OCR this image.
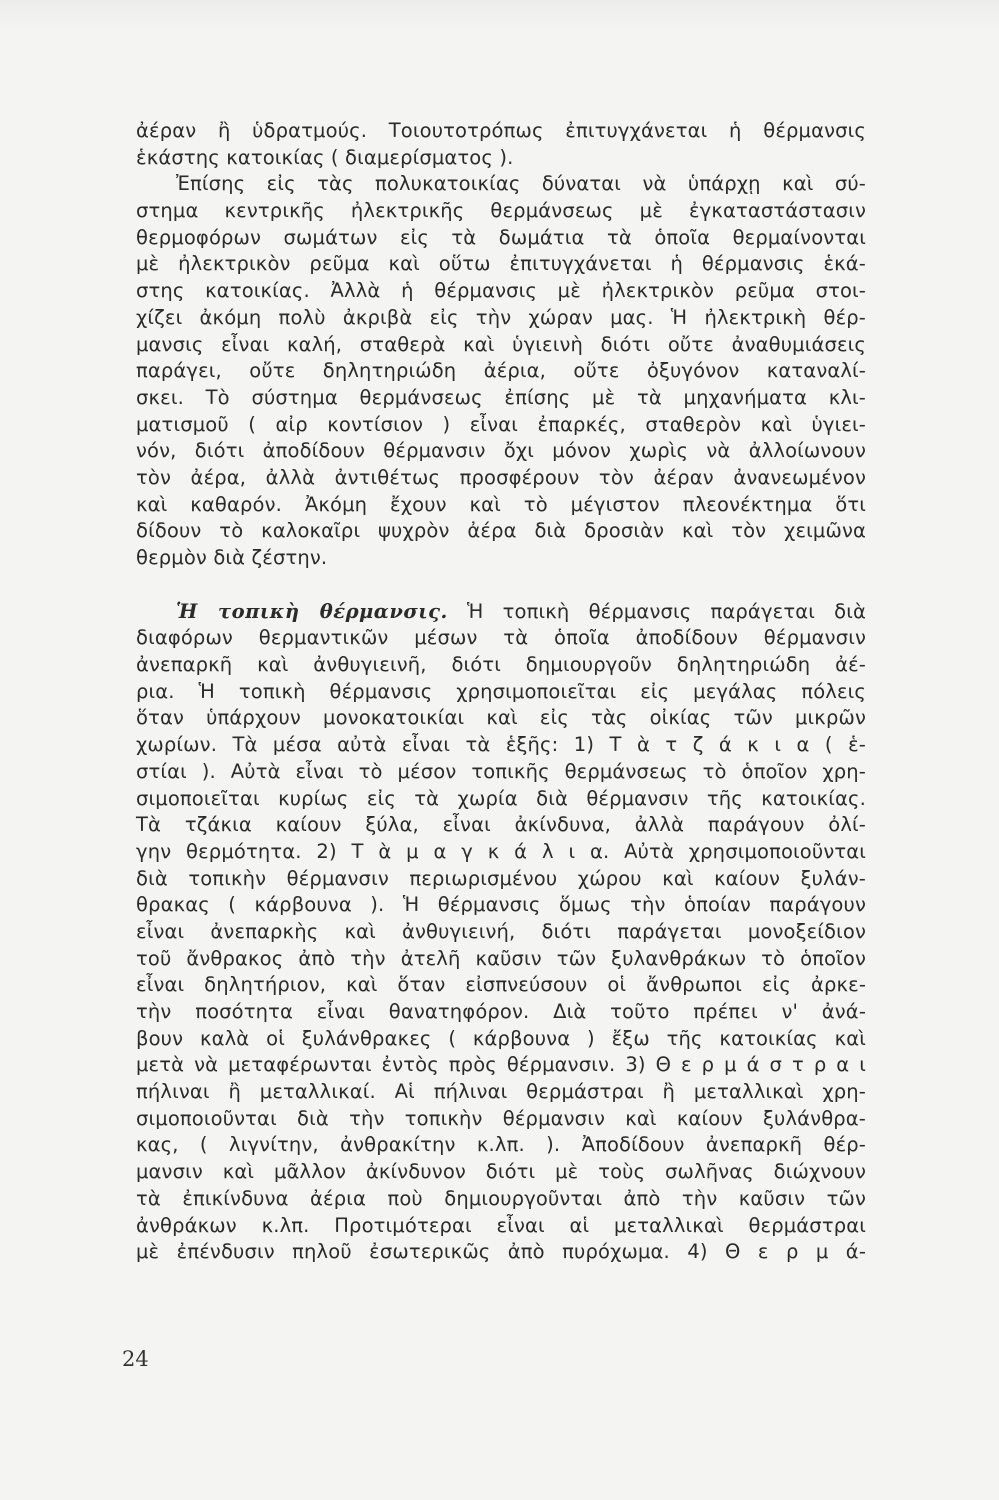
ἀέραν ἢ ὑδρατμούς. Τοιουτοτρόπως ἐπιτυγχάνεται ἡ θέρμανσις
ἑκάστης κατοικίας ( διαμερίσματος ).
Ἐπίσης εἰς τὰς πολυκατοικίας δύναται νὰ ὑπάρχῃ καὶ σύ-
στημα κεντρικῆς ἠλεκτρικῆς θερμάνσεως μὲ ἐγκαταστάστασιν
θερμοφόρων σωμάτων εἰς τὰ δωμάτια τὰ ὁποῖα θερμαίνονται
μὲ ἠλεκτρικὸν ρεῦμα καὶ οὕτω ἐπιτυγχάνεται ἡ θέρμανσις ἑκά-
στης κατοικίας. Ἀλλὰ ἡ θέρμανσις μὲ ἠλεκτρικὸν ρεῦμα στοι-
χίζει ἀκόμη πολὺ ἀκριβὰ εἰς τὴν χώραν μας. Ἡ ἠλεκτρικὴ θέρ-
μανσις εἶναι καλή, σταθερὰ καὶ ὑγιεινὴ διότι οὔτε ἀναθυμιάσεις
παράγει, οὔτε δηλητηριώδη ἀέρια, οὔτε ὀξυγόνον καταναλί-
σκει. Τὸ σύστημα θερμάνσεως ἐπίσης μὲ τὰ μηχανήματα κλι-
ματισμοῦ ( αἰρ κοντίσιον ) εἶναι ἐπαρκές, σταθερὸν καὶ ὑγιει-
νόν, διότι ἀποδίδουν θέρμανσιν ὄχι μόνον χωρὶς νὰ ἀλλοίωνουν
τὸν ἀέρα, ἀλλὰ ἀντιθέτως προσφέρουν τὸν ἀέραν ἀνανεωμένον
καὶ καθαρόν. Ἀκόμη ἔχουν καὶ τὸ μέγιστον πλεονέκτημα ὅτι
δίδουν τὸ καλοκαῖρι ψυχρὸν ἀέρα διὰ δροσιὰν καὶ τὸν χειμῶνα
θερμὸν διὰ ζέστην.
Ἡ τοπικὴ θέρμανσις. Ἡ τοπικὴ θέρμανσις παράγεται διὰ
διαφόρων θερμαντικῶν μέσων τὰ ὁποῖα ἀποδίδουν θέρμανσιν
ἀνεπαρκῆ καὶ ἀνθυγιεινῆ, διότι δημιουργοῦν δηλητηριώδη ἀέ-
ρια. Ἡ τοπικὴ θέρμανσις χρησιμοποιεῖται εἰς μεγάλας πόλεις
ὅταν ὑπάρχουν μονοκατοικίαι καὶ εἰς τὰς οἰκίας τῶν μικρῶν
χωρίων. Τὰ μέσα αὐτὰ εἶναι τὰ ἑξῆς: 1) Τ ὰ τ ζ ά κ ι α ( ἑ-
στίαι ). Αὐτὰ εἶναι τὸ μέσον τοπικῆς θερμάνσεως τὸ ὁποῖον χρη-
σιμοποιεῖται κυρίως εἰς τὰ χωρία διὰ θέρμανσιν τῆς κατοικίας.
Τὰ τζάκια καίουν ξύλα, εἶναι ἀκίνδυνα, ἀλλὰ παράγουν ὀλί-
γην θερμότητα. 2) Τ ὰ μ α γ κ ά λ ι α. Αὐτὰ χρησιμοποιοῦνται
διὰ τοπικὴν θέρμανσιν περιωρισμένου χώρου καὶ καίουν ξυλάν-
θρακας ( κάρβουνα ). Ἡ θέρμανσις ὅμως τὴν ὁποίαν παράγουν
εἶναι ἀνεπαρκὴς καὶ ἀνθυγιεινή, διότι παράγεται μονοξείδιον
τοῦ ἄνθρακος ἀπὸ τὴν ἀτελῆ καῦσιν τῶν ξυλανθράκων τὸ ὁποῖον
εἶναι δηλητήριον, καὶ ὅταν εἰσπνεύσουν οἱ ἄνθρωποι εἰς ἀρκε-
τὴν ποσότητα εἶναι θανατηφόρον. Διὰ τοῦτο πρέπει ν' ἀνά-
βουν καλὰ οἱ ξυλάνθρακες ( κάρβουνα ) ἔξω τῆς κατοικίας καὶ
μετὰ νὰ μεταφέρωνται ἐντὸς πρὸς θέρμανσιν. 3) Θ ε ρ μ ά σ τ ρ α ι
πήλιναι ἢ μεταλλικαί. Αἱ πήλιναι θερμάστραι ἢ μεταλλικαὶ χρη-
σιμοποιοῦνται διὰ τὴν τοπικὴν θέρμανσιν καὶ καίουν ξυλάνθρα-
κας, ( λιγνίτην, ἀνθρακίτην κ.λπ. ). Ἀποδίδουν ἀνεπαρκῆ θέρ-
μανσιν καὶ μᾶλλον ἀκίνδυνον διότι μὲ τοὺς σωλῆνας διώχνουν
τὰ ἐπικίνδυνα ἀέρια ποὺ δημιουργοῦνται ἀπὸ τὴν καῦσιν τῶν
ἀνθράκων κ.λπ. Προτιμότεραι εἶναι αἱ μεταλλικαὶ θερμάστραι
μὲ ἐπένδυσιν πηλοῦ ἐσωτερικῶς ἀπὸ πυρόχωμα. 4) Θ ε ρ μ ά-
24
